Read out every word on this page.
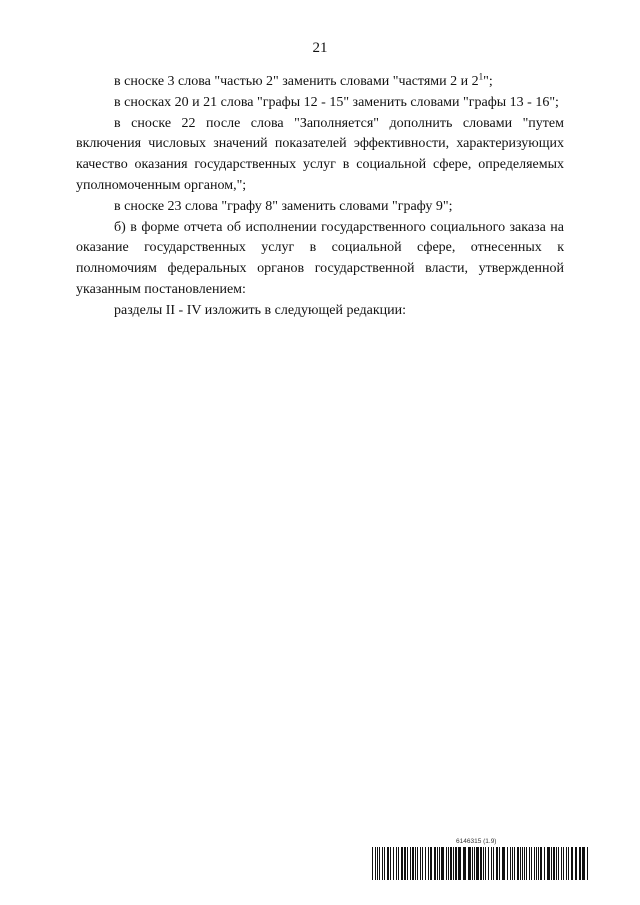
21

в сноске 3 слова "частью 2" заменить словами "частями 2 и $2^1$";

в сносках 20 и 21 слова "графы 12 - 15" заменить словами "графы 13 - 16";

в сноске 22 после слова "Заполняется" дополнить словами "путем включения числовых значений показателей эффективности, характеризующих качество оказания государственных услуг в социальной сфере, определяемых уполномоченным органом,";

в сноске 23 слова "графу 8" заменить словами "графу 9";

б) в форме отчета об исполнении государственного социального заказа на оказание государственных услуг в социальной сфере, отнесенных к полномочиям федеральных органов государственной власти, утвержденной указанным постановлением:

разделы II - IV изложить в следующей редакции:

6146315 (1.9)
